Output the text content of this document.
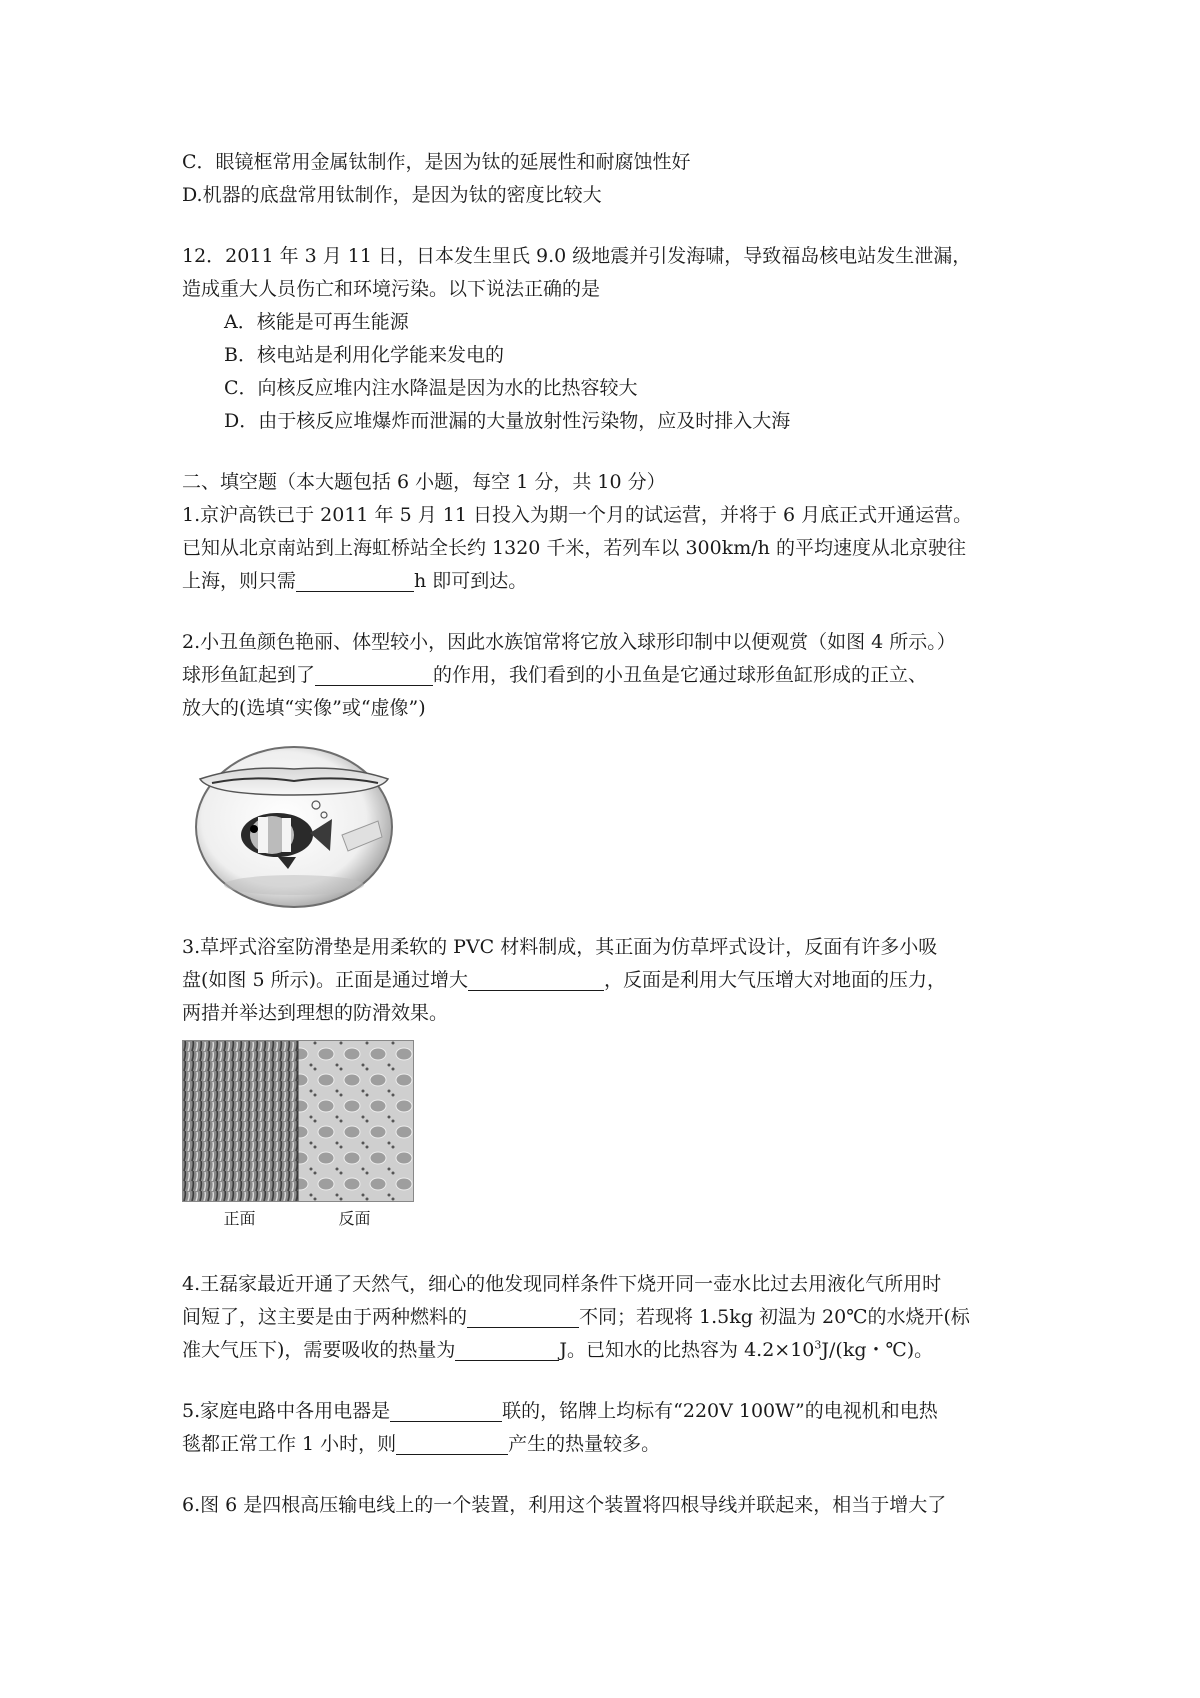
C．眼镜框常用金属钛制作，是因为钛的延展性和耐腐蚀性好
D.机器的底盘常用钛制作，是因为钛的密度比较大
12．2011 年 3 月 11 日，日本发生里氏 9.0 级地震并引发海啸，导致福岛核电站发生泄漏，
造成重大人员伤亡和环境污染。以下说法正确的是
A．核能是可再生能源
B．核电站是利用化学能来发电的
C．向核反应堆内注水降温是因为水的比热容较大
D．由于核反应堆爆炸而泄漏的大量放射性污染物，应及时排入大海
二、填空题（本大题包括 6 小题，每空 1 分，共 10 分）
1.京沪高铁已于 2011 年 5 月 11 日投入为期一个月的试运营，并将于 6 月底正式开通运营。
已知从北京南站到上海虹桥站全长约 1320 千米，若列车以 300km/h 的平均速度从北京驶往
上海，则只需	h 即可到达。
2.小丑鱼颜色艳丽、体型较小，因此水族馆常将它放入球形印制中以便观赏（如图 4 所示。）
球形鱼缸起到了	的作用，我们看到的小丑鱼是它通过球形鱼缸形成的正立、
放大的(选填“实像”或“虚像”)
3.草坪式浴室防滑垫是用柔软的 PVC 材料制成，其正面为仿草坪式设计，反面有许多小吸
盘(如图 5 所示)。正面是通过增大	，反面是利用大气压增大对地面的压力，
两措并举达到理想的防滑效果。
正面	反面
4.王磊家最近开通了天然气，细心的他发现同样条件下烧开同一壶水比过去用液化气所用时
间短了，这主要是由于两种燃料的	不同；若现将 1.5kg 初温为 20℃的水烧开(标
准大气压下)，需要吸收的热量为	J。已知水的比热容为 $4.2\times 10^3J/(kg$・℃)。
5.家庭电路中各用电器是	联的，铭牌上均标有“220V 100W”的电视机和电热
毯都正常工作 1 小时，则	产生的热量较多。
6.图 6 是四根高压输电线上的一个装置，利用这个装置将四根导线并联起来，相当于增大了
